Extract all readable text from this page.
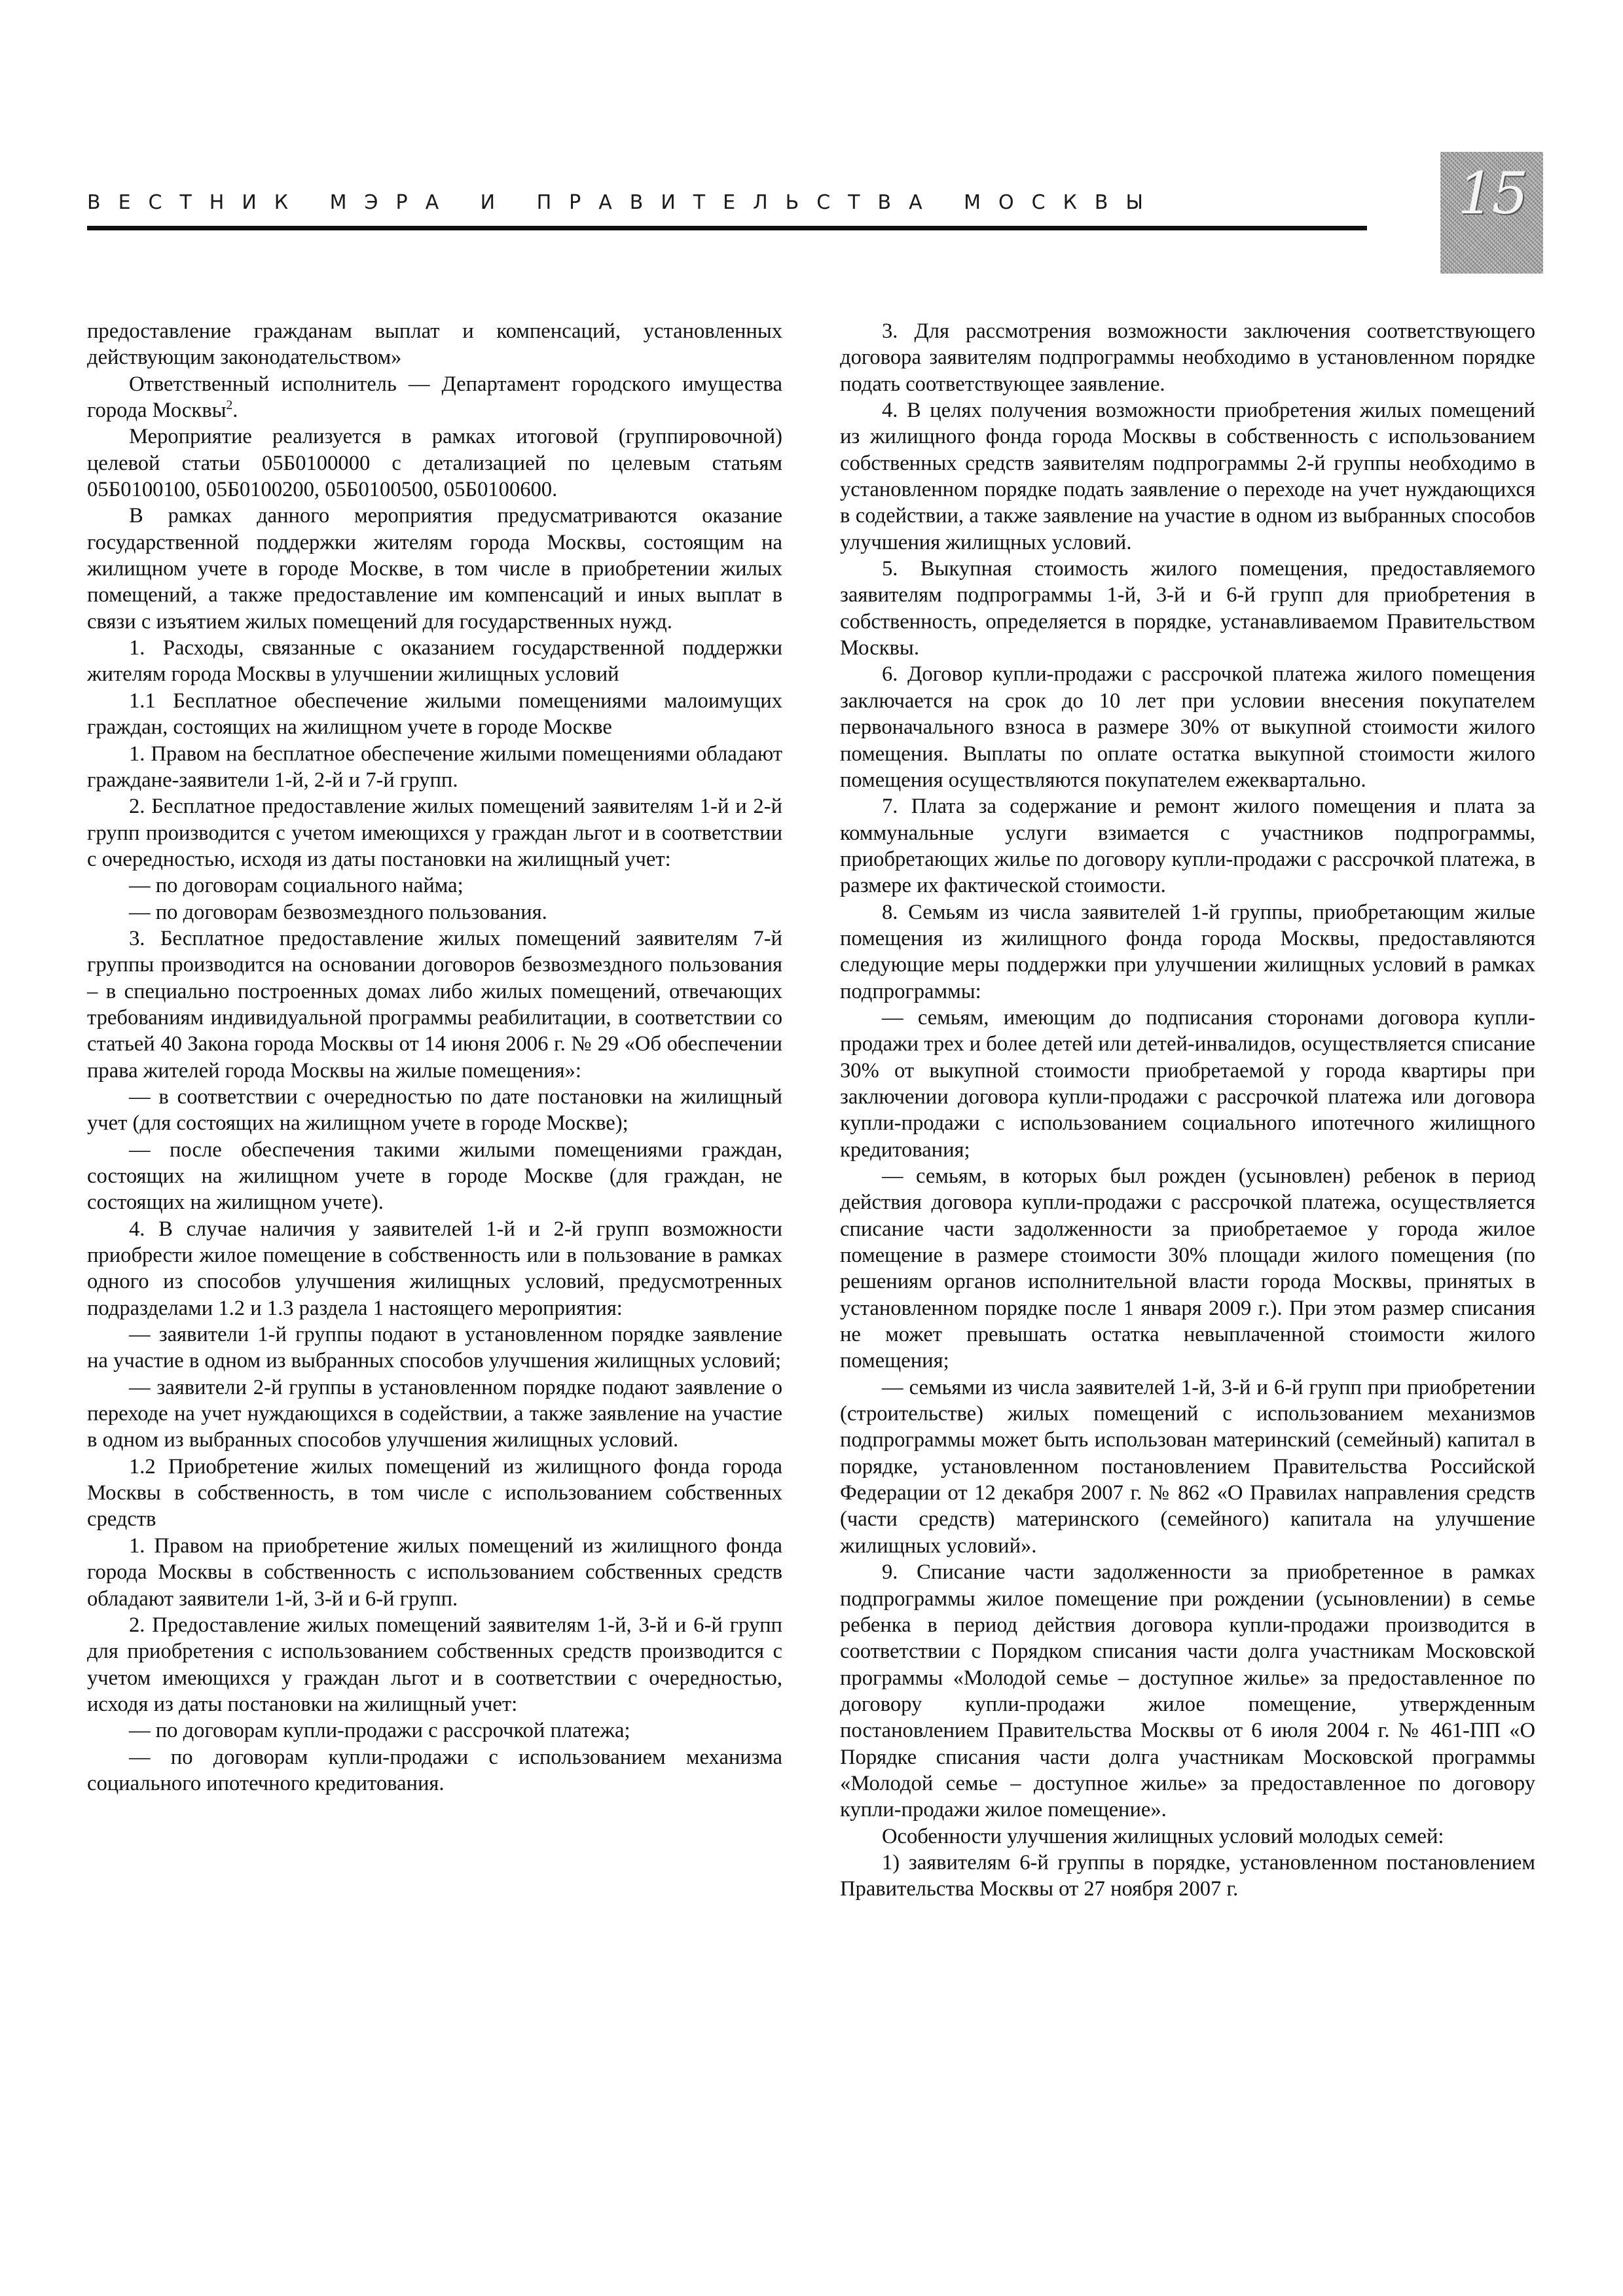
ВЕСТНИК МЭРА И ПРАВИТЕЛЬСТВА МОСКВЫ	15

предоставление гражданам выплат и компенсаций, установленных действующим законодательством»

Ответственный исполнитель — Департамент городского имущества города Москвы$^2$.

Мероприятие реализуется в рамках итоговой (группировочной) целевой статьи 05Б0100000 с детализацией по целевым статьям 05Б0100100, 05Б0100200, 05Б0100500, 05Б0100600.

В рамках данного мероприятия предусматриваются оказание государственной поддержки жителям города Москвы, состоящим на жилищном учете в городе Москве, в том числе в приобретении жилых помещений, а также предоставление им компенсаций и иных выплат в связи с изъятием жилых помещений для государственных нужд.

1. Расходы, связанные с оказанием государственной поддержки жителям города Москвы в улучшении жилищных условий

1.1 Бесплатное обеспечение жилыми помещениями малоимущих граждан, состоящих на жилищном учете в городе Москве

1. Правом на бесплатное обеспечение жилыми помещениями обладают граждане-заявители 1-й, 2-й и 7-й групп.

2. Бесплатное предоставление жилых помещений заявителям 1-й и 2-й групп производится с учетом имеющихся у граждан льгот и в соответствии с очередностью, исходя из даты постановки на жилищный учет:

— по договорам социального найма;

— по договорам безвозмездного пользования.

3. Бесплатное предоставление жилых помещений заявителям 7-й группы производится на основании договоров безвозмездного пользования – в специально построенных домах либо жилых помещений, отвечающих требованиям индивидуальной программы реабилитации, в соответствии со статьей 40 Закона города Москвы от 14 июня 2006 г. № 29 «Об обеспечении права жителей города Москвы на жилые помещения»:

— в соответствии с очередностью по дате постановки на жилищный учет (для состоящих на жилищном учете в городе Москве);

— после обеспечения такими жилыми помещениями граждан, состоящих на жилищном учете в городе Москве (для граждан, не состоящих на жилищном учете).

4. В случае наличия у заявителей 1-й и 2-й групп возможности приобрести жилое помещение в собственность или в пользование в рамках одного из способов улучшения жилищных условий, предусмотренных подразделами 1.2 и 1.3 раздела 1 настоящего мероприятия:

— заявители 1-й группы подают в установленном порядке заявление на участие в одном из выбранных способов улучшения жилищных условий;

— заявители 2-й группы в установленном порядке подают заявление о переходе на учет нуждающихся в содействии, а также заявление на участие в одном из выбранных способов улучшения жилищных условий.

1.2 Приобретение жилых помещений из жилищного фонда города Москвы в собственность, в том числе с использованием собственных средств

1. Правом на приобретение жилых помещений из жилищного фонда города Москвы в собственность с использованием собственных средств обладают заявители 1-й, 3-й и 6-й групп.

2. Предоставление жилых помещений заявителям 1-й, 3-й и 6-й групп для приобретения с использованием собственных средств производится с учетом имеющихся у граждан льгот и в соответствии с очередностью, исходя из даты постановки на жилищный учет:

— по договорам купли-продажи с рассрочкой платежа;

— по договорам купли-продажи с использованием механизма социального ипотечного кредитования.

3. Для рассмотрения возможности заключения соответствующего договора заявителям подпрограммы необходимо в установленном порядке подать соответствующее заявление.

4. В целях получения возможности приобретения жилых помещений из жилищного фонда города Москвы в собственность с использованием собственных средств заявителям подпрограммы 2-й группы необходимо в установленном порядке подать заявление о переходе на учет нуждающихся в содействии, а также заявление на участие в одном из выбранных способов улучшения жилищных условий.

5. Выкупная стоимость жилого помещения, предоставляемого заявителям подпрограммы 1-й, 3-й и 6-й групп для приобретения в собственность, определяется в порядке, устанавливаемом Правительством Москвы.

6. Договор купли-продажи с рассрочкой платежа жилого помещения заключается на срок до 10 лет при условии внесения покупателем первоначального взноса в размере 30% от выкупной стоимости жилого помещения. Выплаты по оплате остатка выкупной стоимости жилого помещения осуществляются покупателем ежеквартально.

7. Плата за содержание и ремонт жилого помещения и плата за коммунальные услуги взимается с участников подпрограммы, приобретающих жилье по договору купли-продажи с рассрочкой платежа, в размере их фактической стоимости.

8. Семьям из числа заявителей 1-й группы, приобретающим жилые помещения из жилищного фонда города Москвы, предоставляются следующие меры поддержки при улучшении жилищных условий в рамках подпрограммы:

— семьям, имеющим до подписания сторонами договора купли-продажи трех и более детей или детей-инвалидов, осуществляется списание 30% от выкупной стоимости приобретаемой у города квартиры при заключении договора купли-продажи с рассрочкой платежа или договора купли-продажи с использованием социального ипотечного жилищного кредитования;

— семьям, в которых был рожден (усыновлен) ребенок в период действия договора купли-продажи с рассрочкой платежа, осуществляется списание части задолженности за приобретаемое у города жилое помещение в размере стоимости 30% площади жилого помещения (по решениям органов исполнительной власти города Москвы, принятых в установленном порядке после 1 января 2009 г.). При этом размер списания не может превышать остатка невыплаченной стоимости жилого помещения;

— семьями из числа заявителей 1-й, 3-й и 6-й групп при приобретении (строительстве) жилых помещений с использованием механизмов подпрограммы может быть использован материнский (семейный) капитал в порядке, установленном постановлением Правительства Российской Федерации от 12 декабря 2007 г. № 862 «О Правилах направления средств (части средств) материнского (семейного) капитала на улучшение жилищных условий».

9. Списание части задолженности за приобретенное в рамках подпрограммы жилое помещение при рождении (усыновлении) в семье ребенка в период действия договора купли-продажи производится в соответствии с Порядком списания части долга участникам Московской программы «Молодой семье – доступное жилье» за предоставленное по договору купли-продажи жилое помещение, утвержденным постановлением Правительства Москвы от 6 июля 2004 г. № 461-ПП «О Порядке списания части долга участникам Московской программы «Молодой семье – доступное жилье» за предоставленное по договору купли-продажи жилое помещение».

Особенности улучшения жилищных условий молодых семей:

1) заявителям 6-й группы в порядке, установленном постановлением Правительства Москвы от 27 ноября 2007 г.
